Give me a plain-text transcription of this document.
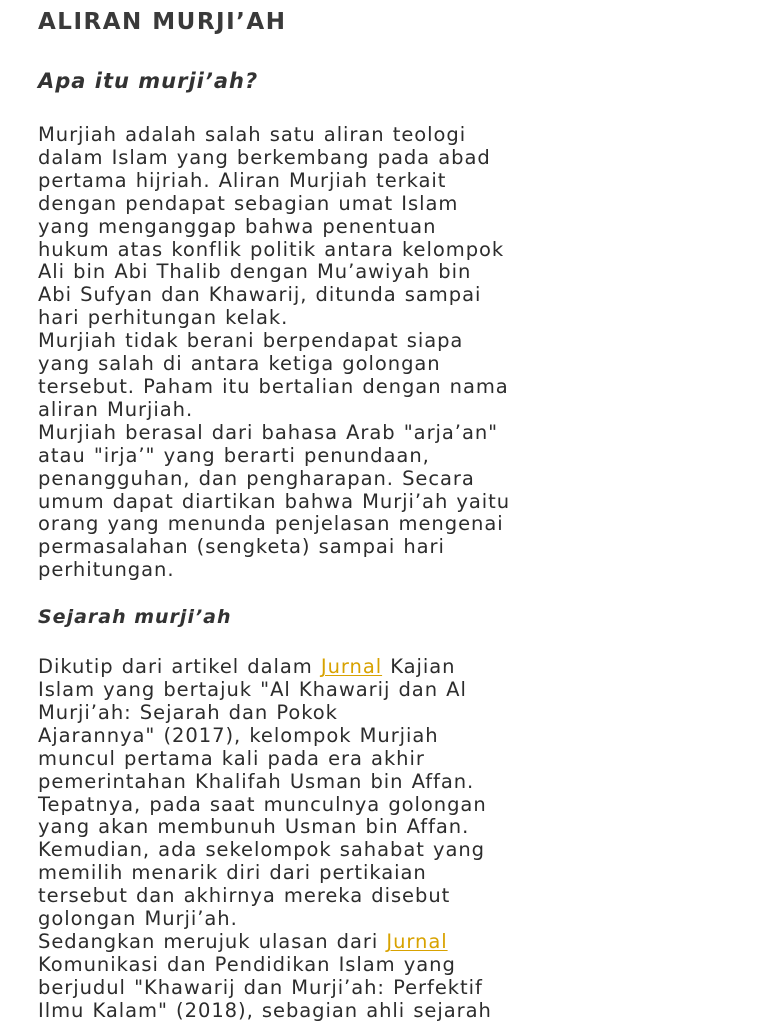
ALIRAN MURJI’AH
Apa itu murji’ah?

Murjiah adalah salah satu aliran teologi
dalam Islam yang berkembang pada abad
pertama hijriah. Aliran Murjiah terkait
dengan pendapat sebagian umat Islam
yang menganggap bahwa penentuan
hukum atas konflik politik antara kelompok
Ali bin Abi Thalib dengan Mu’awiyah bin
Abi Sufyan dan Khawarij, ditunda sampai
hari perhitungan kelak.

Murjiah tidak berani berpendapat siapa
yang salah di antara ketiga golongan
tersebut. Paham itu bertalian dengan nama
aliran Murjiah.

Murjiah berasal dari bahasa Arab "arja’an"
atau "irja’" yang berarti penundaan,
penangguhan, dan pengharapan. Secara
umum dapat diartikan bahwa Murji’ah yaitu
orang yang menunda penjelasan mengenai
permasalahan (sengketa) sampai hari
perhitungan.

Sejarah murji’ah

Dikutip dari artikel dalam Jurnal Kajian
Islam yang bertajuk "Al Khawarij dan Al
Murji’ah: Sejarah dan Pokok
Ajarannya" (2017), kelompok Murjiah
muncul pertama kali pada era akhir
pemerintahan Khalifah Usman bin Affan.
Tepatnya, pada saat munculnya golongan
yang akan membunuh Usman bin Affan.
Kemudian, ada sekelompok sahabat yang
memilih menarik diri dari pertikaian
tersebut dan akhirnya mereka disebut
golongan Murji’ah.

Sedangkan merujuk ulasan dari Jurnal
Komunikasi dan Pendidikan Islam yang
berjudul "Khawarij dan Murji’ah: Perfektif
Ilmu Kalam" (2018), sebagian ahli sejarah
